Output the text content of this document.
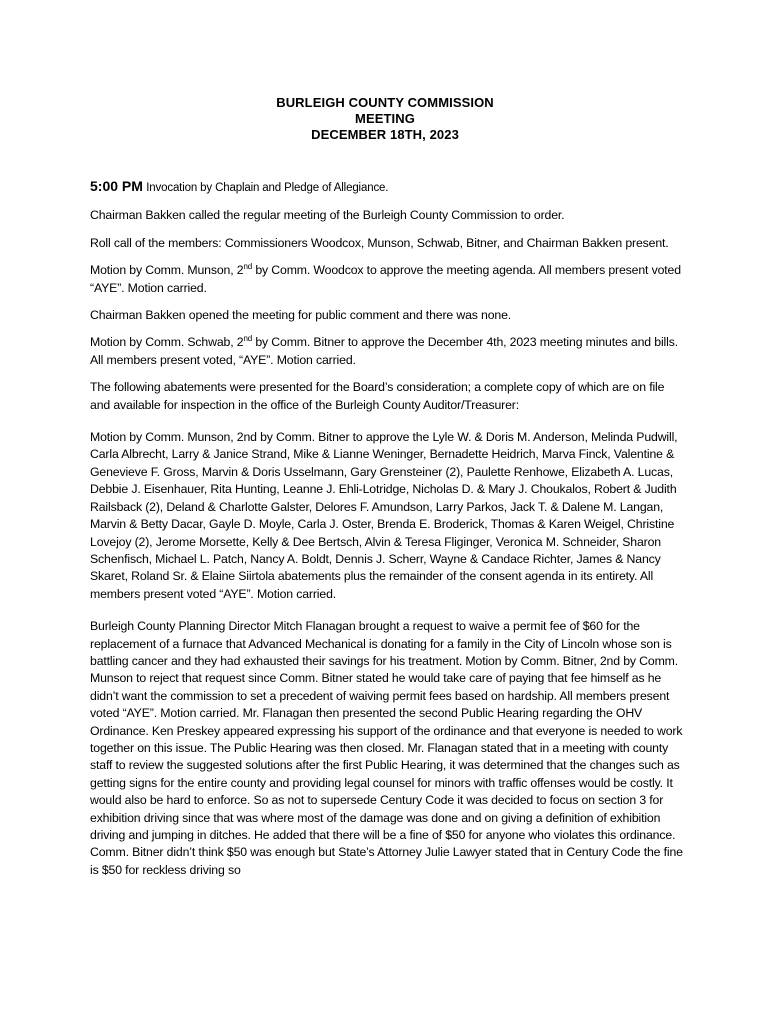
BURLEIGH COUNTY COMMISSION
MEETING
DECEMBER 18TH, 2023

5:00 PM Invocation by Chaplain and Pledge of Allegiance.

Chairman Bakken called the regular meeting of the Burleigh County Commission to order.

Roll call of the members: Commissioners Woodcox, Munson, Schwab, Bitner, and Chairman Bakken present.

Motion by Comm. Munson, 2nd by Comm. Woodcox to approve the meeting agenda. All members present voted “AYE”. Motion carried.

Chairman Bakken opened the meeting for public comment and there was none.

Motion by Comm. Schwab, 2nd by Comm. Bitner to approve the December 4th, 2023 meeting minutes and bills. All members present voted, “AYE”. Motion carried.

The following abatements were presented for the Board’s consideration; a complete copy of which are on file and available for inspection in the office of the Burleigh County Auditor/Treasurer:

Motion by Comm. Munson, 2nd by Comm. Bitner to approve the Lyle W. & Doris M. Anderson, Melinda Pudwill, Carla Albrecht, Larry & Janice Strand, Mike & Lianne Weninger, Bernadette Heidrich, Marva Finck, Valentine & Genevieve F. Gross, Marvin & Doris Usselmann, Gary Grensteiner (2), Paulette Renhowe, Elizabeth A. Lucas, Debbie J. Eisenhauer, Rita Hunting, Leanne J. Ehli-Lotridge, Nicholas D. & Mary J. Choukalos, Robert & Judith Railsback (2), Deland & Charlotte Galster, Delores F. Amundson, Larry Parkos, Jack T. & Dalene M. Langan, Marvin & Betty Dacar, Gayle D. Moyle, Carla J. Oster, Brenda E. Broderick, Thomas & Karen Weigel, Christine Lovejoy (2), Jerome Morsette, Kelly & Dee Bertsch, Alvin & Teresa Fliginger, Veronica M. Schneider, Sharon Schenfisch, Michael L. Patch, Nancy A. Boldt, Dennis J. Scherr, Wayne & Candace Richter, James & Nancy Skaret, Roland Sr. & Elaine Siirtola abatements plus the remainder of the consent agenda in its entirety. All members present voted “AYE”. Motion carried.

Burleigh County Planning Director Mitch Flanagan brought a request to waive a permit fee of $60 for the replacement of a furnace that Advanced Mechanical is donating for a family in the City of Lincoln whose son is battling cancer and they had exhausted their savings for his treatment. Motion by Comm. Bitner, 2nd by Comm. Munson to reject that request since Comm. Bitner stated he would take care of paying that fee himself as he didn’t want the commission to set a precedent of waiving permit fees based on hardship. All members present voted “AYE”. Motion carried. Mr. Flanagan then presented the second Public Hearing regarding the OHV Ordinance. Ken Preskey appeared expressing his support of the ordinance and that everyone is needed to work together on this issue. The Public Hearing was then closed. Mr. Flanagan stated that in a meeting with county staff to review the suggested solutions after the first Public Hearing, it was determined that the changes such as getting signs for the entire county and providing legal counsel for minors with traffic offenses would be costly. It would also be hard to enforce. So as not to supersede Century Code it was decided to focus on section 3 for exhibition driving since that was where most of the damage was done and on giving a definition of exhibition driving and jumping in ditches. He added that there will be a fine of $50 for anyone who violates this ordinance. Comm. Bitner didn’t think $50 was enough but State’s Attorney Julie Lawyer stated that in Century Code the fine is $50 for reckless driving so
